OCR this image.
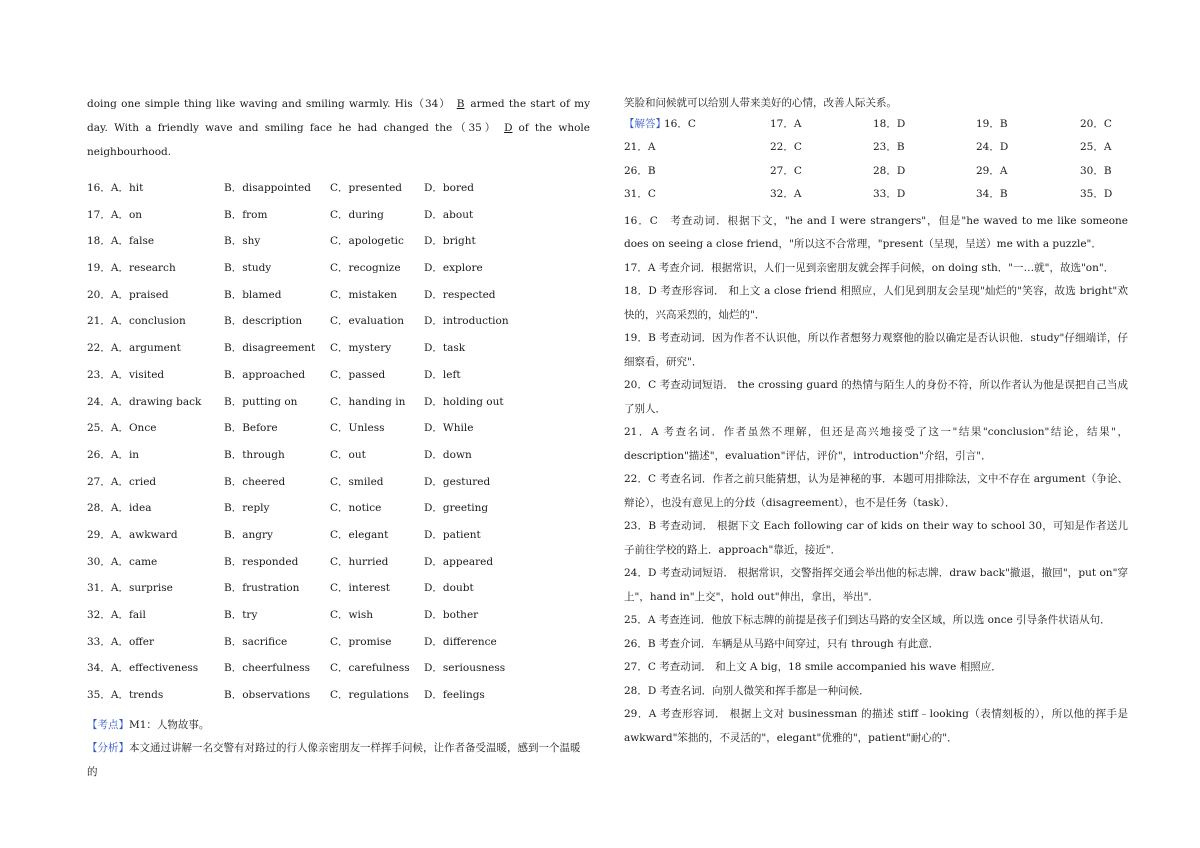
doing one simple thing like waving and smiling warmly. His（34） B armed the start of my day. With a friendly wave and smiling face he had changed the（35） D of the whole neighbourhood.

16．A．hit	B．disappointed C．presented D．bored
17．A．on	B．from	C．during	D．about
18．A．false	B．shy	C．apologetic D．bright
19．A．research	B．study	C．recognize D．explore
20．A．praised	B．blamed	C．mistaken	D．respected
21．A．conclusion	B．description	C．evaluation D．introduction
22．A．argument	B．disagreement C．mystery	D．task
23．A．visited	B．approached C．passed	D．left
24．A．drawing back B．putting on	C．handing in D．holding out
25．A．Once	B．Before	C．Unless	D．While
26．A．in	B．through	C．out	D．down
27．A．cried	B．cheered	C．smiled	D．gestured
28．A．idea	B．reply	C．notice	D．greeting
29．A．awkward	B．angry	C．elegant	D．patient
30．A．came	B．responded	C．hurried	D．appeared
31．A．surprise	B．frustration	C．interest	D．doubt
32．A．fail	B．try	C．wish	D．bother
33．A．offer	B．sacrifice	C．promise	D．difference
34．A．effectiveness B．cheerfulness C．carefulness D．seriousness
35．A．trends	B．observations C．regulations D．feelings

【考点】M1：人物故事。

【分析】本文通过讲解一名交警有对路过的行人像亲密朋友一样挥手问候，让作者备受温暖，感到一个温暖的

笑脸和问候就可以给别人带来美好的心情，改善人际关系。

【解答】
16．C	17．A	18．D	19．B	20．C
21．A	22．C	23．B	24．D	25．A
26．B	27．C	28．D	29．A	30．B
31．C	32．A	33．D	34．B	35．D

16．C　考查动词．根据下文，"he and I were strangers"，但是"he waved to me like someone does on seeing a close friend，"所以这不合常理，"present（呈现，呈送）me with a puzzle"．

17．A 考查介词．根据常识，人们一见到亲密朋友就会挥手问候，on doing sth．"一…就"，故选"on"．

18．D 考查形容词． 和上文 a close friend 相照应，人们见到朋友会呈现"灿烂的"笑容，故选 bright"欢快的，兴高采烈的，灿烂的"．

19．B 考查动词．因为作者不认识他，所以作者想努力观察他的脸以确定是否认识他．study"仔细端详，仔细察看，研究"．

20．C 考查动词短语． the crossing guard 的热情与陌生人的身份不符，所以作者认为他是误把自己当成了别人．

21．A 考查名词．作者虽然不理解，但还是高兴地接受了这一"结果"conclusion"结论，结果"，description"描述"，evaluation"评估，评价"，introduction"介绍，引言"．

22．C 考查名词．作者之前只能猜想，认为是神秘的事．本题可用排除法，文中不存在 argument（争论、辩论），也没有意见上的分歧（disagreement），也不是任务（task）．

23．B 考查动词． 根据下文 Each following car of kids on their way to school 30，可知是作者送儿子前往学校的路上．approach"靠近，接近"．

24．D 考查动词短语． 根据常识，交警指挥交通会举出他的标志牌．draw back"撤退，撤回"，put on"穿上"，hand in"上交"，hold out"伸出，拿出，举出"．

25．A 考查连词．他放下标志牌的前提是孩子们到达马路的安全区域，所以选 once 引导条件状语从句．

26．B 考查介词．车辆是从马路中间穿过，只有 through 有此意．

27．C 考查动词． 和上文 A big，18 smile accompanied his wave 相照应．

28．D 考查名词．向别人微笑和挥手都是一种问候．

29．A 考查形容词． 根据上文对 businessman 的描述 stiff﹣looking（表情刻板的），所以他的挥手是 awkward"笨拙的，不灵活的"，elegant"优雅的"，patient"耐心的"．
